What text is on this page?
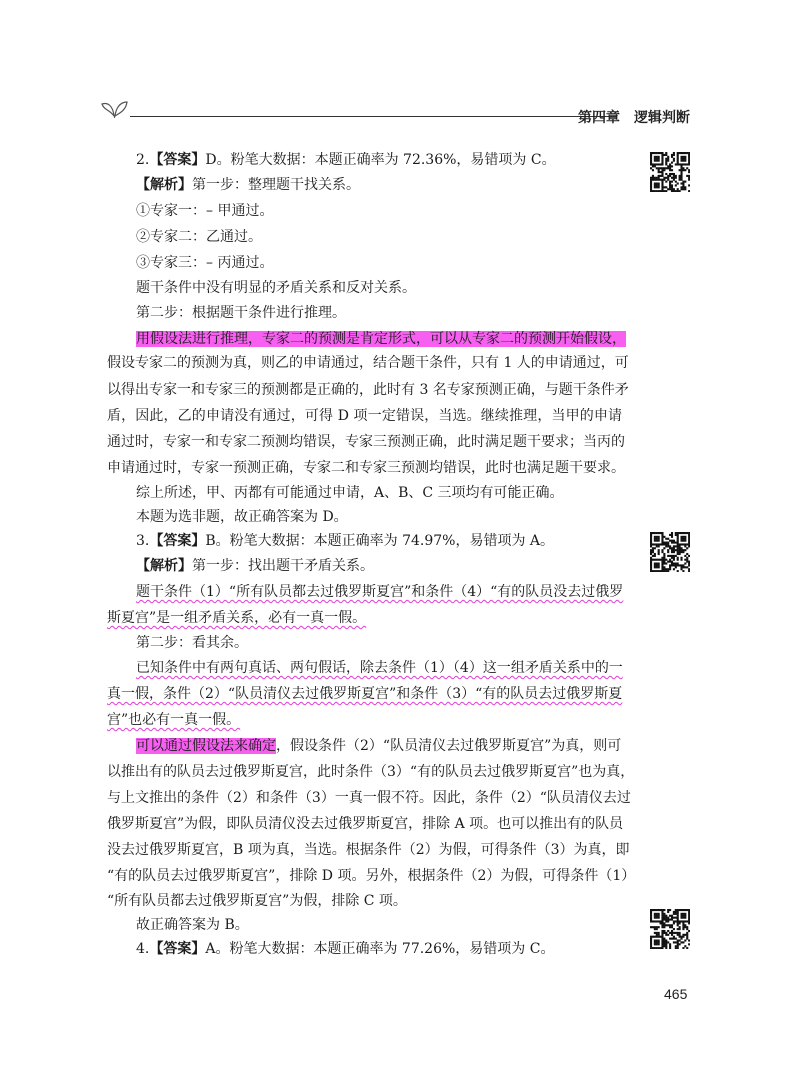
第四章 逻辑判断
2.【答案】D。粉笔大数据：本题正确率为 72.36%，易错项为 C。
【解析】第一步：整理题干找关系。
①专家一：– 甲通过。
②专家二：乙通过。
③专家三：– 丙通过。
题干条件中没有明显的矛盾关系和反对关系。
第二步：根据题干条件进行推理。
用假设法进行推理，专家二的预测是肯定形式，可以从专家二的预测开始假设，
假设专家二的预测为真，则乙的申请通过，结合题干条件，只有 1 人的申请通过，可
以得出专家一和专家三的预测都是正确的，此时有 3 名专家预测正确，与题干条件矛
盾，因此，乙的申请没有通过，可得 D 项一定错误，当选。继续推理，当甲的申请
通过时，专家一和专家二预测均错误，专家三预测正确，此时满足题干要求；当丙的
申请通过时，专家一预测正确，专家二和专家三预测均错误，此时也满足题干要求。
综上所述，甲、丙都有可能通过申请，A、B、C 三项均有可能正确。
本题为选非题，故正确答案为 D。
3.【答案】B。粉笔大数据：本题正确率为 74.97%，易错项为 A。
【解析】第一步：找出题干矛盾关系。
题干条件（1）“所有队员都去过俄罗斯夏宫”和条件（4）“有的队员没去过俄罗
斯夏宫”是一组矛盾关系，必有一真一假。
第二步：看其余。
已知条件中有两句真话、两句假话，除去条件（1）（4）这一组矛盾关系中的一
真一假，条件（2）“队员清仪去过俄罗斯夏宫”和条件（3）“有的队员去过俄罗斯夏
宫”也必有一真一假。
可以通过假设法来确定，假设条件（2）“队员清仪去过俄罗斯夏宫”为真，则可
以推出有的队员去过俄罗斯夏宫，此时条件（3）“有的队员去过俄罗斯夏宫”也为真，
与上文推出的条件（2）和条件（3）一真一假不符。因此，条件（2）“队员清仪去过
俄罗斯夏宫”为假，即队员清仪没去过俄罗斯夏宫，排除 A 项。也可以推出有的队员
没去过俄罗斯夏宫，B 项为真，当选。根据条件（2）为假，可得条件（3）为真，即
“有的队员去过俄罗斯夏宫”，排除 D 项。另外，根据条件（2）为假，可得条件（1）
“所有队员都去过俄罗斯夏宫”为假，排除 C 项。
故正确答案为 B。
4.【答案】A。粉笔大数据：本题正确率为 77.26%，易错项为 C。
465
